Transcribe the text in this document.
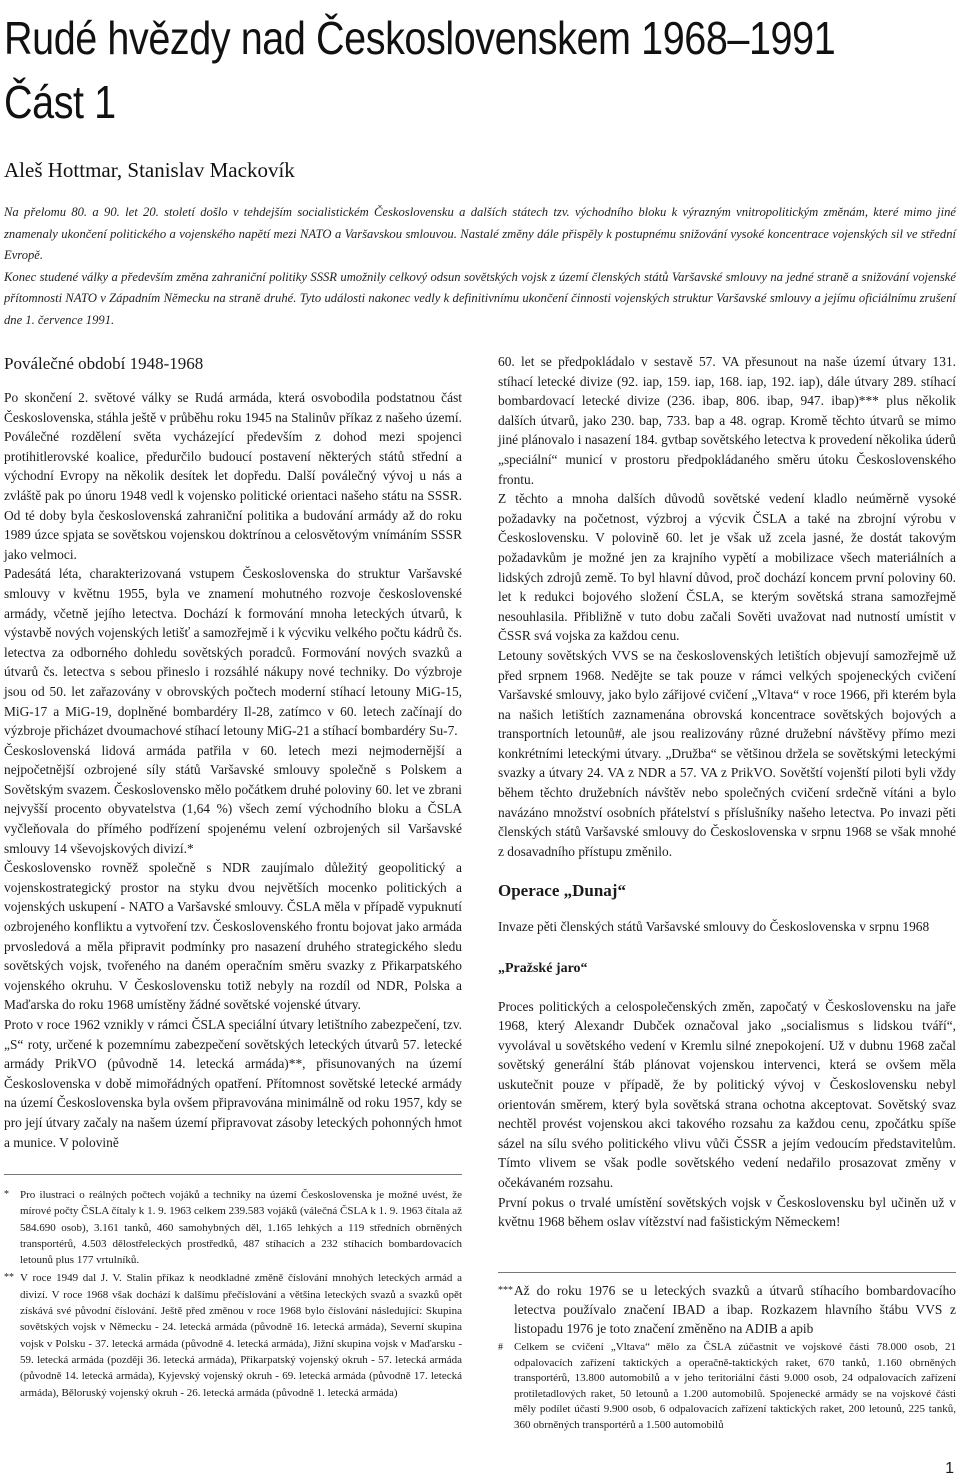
Rudé hvězdy nad Československem 1968–1991
Část 1
Aleš Hottmar, Stanislav Mackovík

Na přelomu 80. a 90. let 20. století došlo v tehdejším socialistickém Československu a dalších státech tzv. východního bloku k výrazným vnitropolitickým změnám, které mimo jiné znamenaly ukončení politického a vojenského napětí mezi NATO a Varšavskou smlouvou. Nastalé změny dále přispěly k postupnému snižování vysoké koncentrace vojenských sil ve střední Evropě.

Konec studené války a především změna zahraniční politiky SSSR umožnily celkový odsun sovětských vojsk z území členských států Varšavské smlouvy na jedné straně a snižování vojenské přítomnosti NATO v Západním Německu na straně druhé. Tyto události nakonec vedly k definitivnímu ukončení činnosti vojenských struktur Varšavské smlouvy a jejímu oficiálnímu zrušení dne 1. července 1991.

Poválečné období 1948-1968

Po skončení 2. světové války se Rudá armáda, která osvobodila podstatnou část Československa, stáhla ještě v průběhu roku 1945 na Stalinův příkaz z našeho území. Poválečné rozdělení světa vycházející především z dohod mezi spojenci protihitlerovské koalice, předurčilo budoucí postavení některých států střední a východní Evropy na několik desítek let dopředu. Další poválečný vývoj u nás a zvláště pak po únoru 1948 vedl k vojensko politické orientaci našeho státu na SSSR. Od té doby byla československá zahraniční politika a budování armády až do roku 1989 úzce spjata se sovětskou vojenskou doktrínou a celosvětovým vnímáním SSSR jako velmoci.

Padesátá léta, charakterizovaná vstupem Československa do struktur Varšavské smlouvy v květnu 1955, byla ve znamení mohutného rozvoje československé armády, včetně jejího letectva. Dochází k formování mnoha leteckých útvarů, k výstavbě nových vojenských letišť a samozřejmě i k výcviku velkého počtu kádrů čs. letectva za odborného dohledu sovětských poradců. Formování nových svazků a útvarů čs. letectva s sebou přineslo i rozsáhlé nákupy nové techniky. Do výzbroje jsou od 50. let zařazovány v obrovských počtech moderní stíhací letouny MiG-15, MiG-17 a MiG-19, doplněné bombardéry Il-28, zatímco v 60. letech začínají do výzbroje přicházet dvoumachové stíhací letouny MiG-21 a stíhací bombardéry Su-7.

Československá lidová armáda patřila v 60. letech mezi nejmodernější a nejpočetnější ozbrojené síly států Varšavské smlouvy společně s Polskem a Sovětským svazem. Československo mělo počátkem druhé poloviny 60. let ve zbrani nejvyšší procento obyvatelstva (1,64 %) všech zemí východního bloku a ČSLA vyčleňovala do přímého podřízení spojenému velení ozbrojených sil Varšavské smlouvy 14 vševojskových divizí.*

Československo rovněž společně s NDR zaujímalo důležitý geopolitický a vojenskostrategický prostor na styku dvou největších mocenko politických a vojenských uskupení - NATO a Varšavské smlouvy. ČSLA měla v případě vypuknutí ozbrojeného konfliktu a vytvoření tzv. Československého frontu bojovat jako armáda prvosledová a měla připravit podmínky pro nasazení druhého strategického sledu sovětských vojsk, tvořeného na daném operačním směru svazky z Přikarpatského vojenského okruhu. V Československu totiž nebyly na rozdíl od NDR, Polska a Maďarska do roku 1968 umístěny žádné sovětské vojenské útvary.

Proto v roce 1962 vznikly v rámci ČSLA speciální útvary letištního zabezpečení, tzv. „S“ roty, určené k pozemnímu zabezpečení sovětských leteckých útvarů 57. letecké armády PrikVO (původně 14. letecká armáda)**, přisunovaných na území Československa v době mimořádných opatření. Přítomnost sovětské letecké armády na území Československa byla ovšem připravována minimálně od roku 1957, kdy se pro její útvary začaly na našem území připravovat zásoby leteckých pohonných hmot a munice. V polovině

*	Pro ilustraci o reálných počtech vojáků a techniky na území Československa je možné uvést, že mírové počty ČSLA čítaly k 1. 9. 1963 celkem 239.583 vojáků (válečná ČSLA k 1. 9. 1963 čítala až 584.690 osob), 3.161 tanků, 460 samohybných děl, 1.165 lehkých a 119 středních obrněných transportérů, 4.503 dělostřeleckých prostředků, 487 stíhacích a 232 stíhacích bombardovacích letounů plus 177 vrtulníků.
** V roce 1949 dal J. V. Stalin příkaz k neodkladné změně číslování mnohých leteckých armád a divizí. V roce 1968 však dochází k dalšímu přečíslování a většina leteckých svazů a svazků opět získává své původní číslování. Ještě před změnou v roce 1968 bylo číslování následující: Skupina sovětských vojsk v Německu - 24. letecká armáda (původně 16. letecká armáda), Severní skupina vojsk v Polsku - 37. letecká armáda (původně 4. letecká armáda), Jižní skupina vojsk v Maďarsku - 59. letecká armáda (později 36. letecká armáda), Přikarpatský vojenský okruh - 57. letecká armáda (původně 14. letecká armáda), Kyjevský vojenský okruh - 69. letecká armáda (původně 17. letecká armáda), Běloruský vojenský okruh - 26. letecká armáda (původně 1. letecká armáda)

60. let se předpokládalo v sestavě 57. VA přesunout na naše území útvary 131. stíhací letecké divize (92. iap, 159. iap, 168. iap, 192. iap), dále útvary 289. stíhací bombardovací letecké divize (236. ibap, 806. ibap, 947. ibap)*** plus několik dalších útvarů, jako 230. bap, 733. bap a 48. ograp. Kromě těchto útvarů se mimo jiné plánovalo i nasazení 184. gvtbap sovětského letectva k provedení několika úderů „speciální“ municí v prostoru předpokládaného směru útoku Československého frontu.

Z těchto a mnoha dalších důvodů sovětské vedení kladlo neúměrně vysoké požadavky na početnost, výzbroj a výcvik ČSLA a také na zbrojní výrobu v Československu. V polovině 60. let je však už zcela jasné, že dostát takovým požadavkům je možné jen za krajního vypětí a mobilizace všech materiálních a lidských zdrojů země. To byl hlavní důvod, proč dochází koncem první poloviny 60. let k redukci bojového složení ČSLA, se kterým sovětská strana samozřejmě nesouhlasila. Přibližně v tuto dobu začali Sověti uvažovat nad nutností umístit v ČSSR svá vojska za každou cenu.

Letouny sovětských VVS se na československých letištích objevují samozřejmě už před srpnem 1968. Nedějte se tak pouze v rámci velkých spojeneckých cvičení Varšavské smlouvy, jako bylo zářijové cvičení „Vltava“ v roce 1966, při kterém byla na našich letištích zaznamenána obrovská koncentrace sovětských bojových a transportních letounů#, ale jsou realizovány různé družební návštěvy přímo mezi konkrétními leteckými útvary. „Družba“ se většinou držela se sovětskými leteckými svazky a útvary 24. VA z NDR a 57. VA z PrikVO. Sovětští vojenští piloti byli vždy během těchto družebních návštěv nebo společných cvičení srdečně vítáni a bylo navázáno množství osobních přátelství s příslušníky našeho letectva. Po invazi pěti členských států Varšavské smlouvy do Československa v srpnu 1968 se však mnohé z dosavadního přístupu změnilo.

Operace „Dunaj“

Invaze pěti členských států Varšavské smlouvy do Československa v srpnu 1968

„Pražské jaro“

Proces politických a celospolečenských změn, započatý v Československu na jaře 1968, který Alexandr Dubček označoval jako „socialismus s lidskou tváří“, vyvolával u sovětského vedení v Kremlu silné znepokojení. Už v dubnu 1968 začal sovětský generální štáb plánovat vojenskou intervenci, která se ovšem měla uskutečnit pouze v případě, že by politický vývoj v Československu nebyl orientován směrem, který byla sovětská strana ochotna akceptovat. Sovětský svaz nechtěl provést vojenskou akci takového rozsahu za každou cenu, zpočátku spíše sázel na sílu svého politického vlivu vůči ČSSR a jejím vedoucím představitelům. Tímto vlivem se však podle sovětského vedení nedařilo prosazovat změny v očekávaném rozsahu.

První pokus o trvalé umístění sovětských vojsk v Československu byl učiněn už v květnu 1968 během oslav vítězství nad fašistickým Německem!

*** Až do roku 1976 se u leteckých svazků a útvarů stíhacího bombardovacího letectva používalo značení IBAD a ibap. Rozkazem hlavního štábu VVS z listopadu 1976 je toto značení změněno na ADIB a apib
#	Celkem se cvičení „Vltava“ mělo za ČSLA zúčastnit ve vojskové části 78.000 osob, 21 odpalovacích zařízení taktických a operačně-taktických raket, 670 tanků, 1.160 obrněných transportérů, 13.800 automobilů a v jeho teritoriální části 9.000 osob, 24 odpalovacích zařízení protiletadlových raket, 50 letounů a 1.200 automobilů. Spojenecké armády se na vojskové části měly podílet účastí 9.900 osob, 6 odpalovacích zařízení taktických raket, 200 letounů, 225 tanků, 360 obrněných transportérů a 1.500 automobilů
1
